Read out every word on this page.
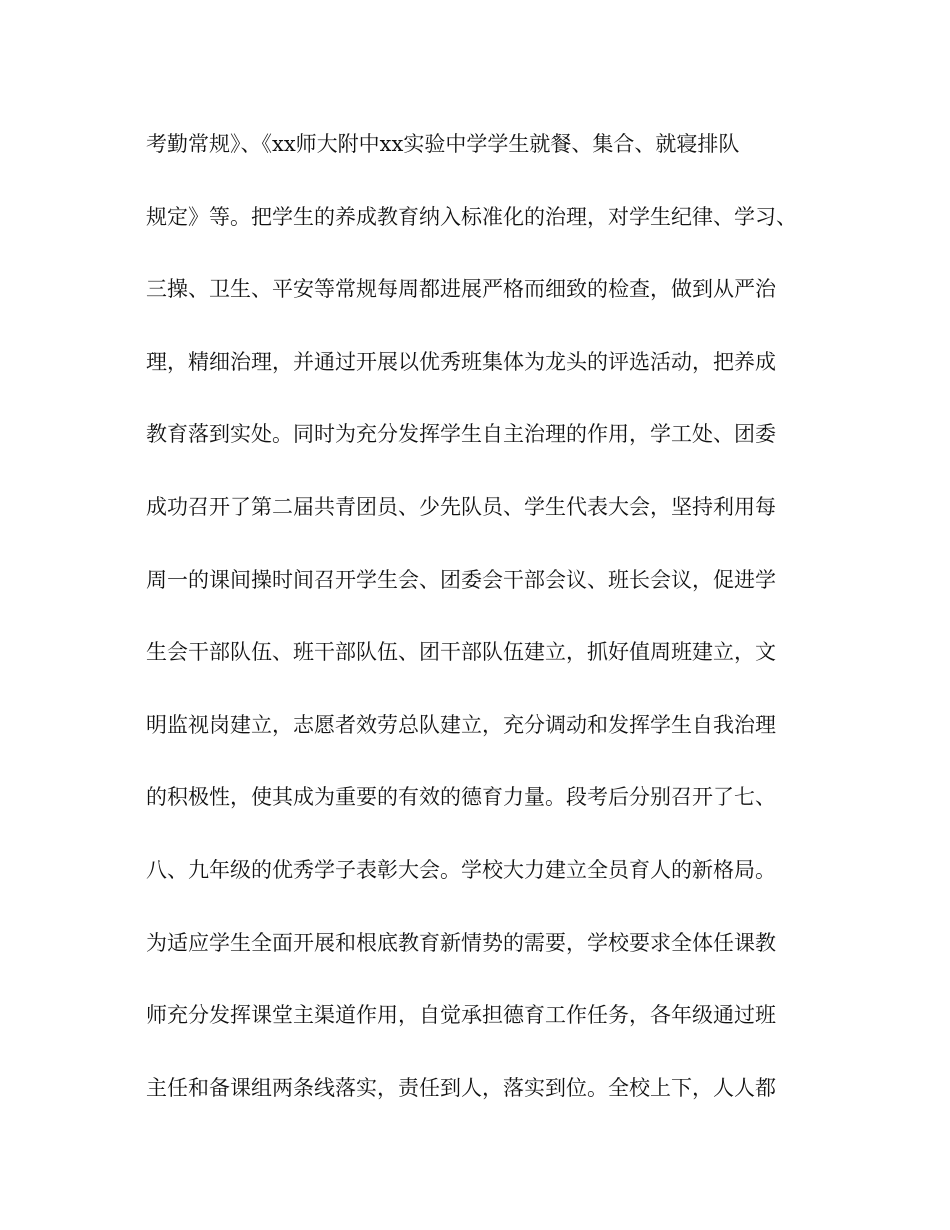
考勤常规》、《xx师大附中xx实验中学学生就餐、集合、就寝排队
规定》等。把学生的养成教育纳入标准化的治理，对学生纪律、学习、
三操、卫生、平安等常规每周都进展严格而细致的检查，做到从严治
理，精细治理，并通过开展以优秀班集体为龙头的评选活动，把养成
教育落到实处。同时为充分发挥学生自主治理的作用，学工处、团委
成功召开了第二届共青团员、少先队员、学生代表大会，坚持利用每
周一的课间操时间召开学生会、团委会干部会议、班长会议，促进学
生会干部队伍、班干部队伍、团干部队伍建立，抓好值周班建立，文
明监视岗建立，志愿者效劳总队建立，充分调动和发挥学生自我治理
的积极性，使其成为重要的有效的德育力量。段考后分别召开了七、
八、九年级的优秀学子表彰大会。学校大力建立全员育人的新格局。
为适应学生全面开展和根底教育新情势的需要，学校要求全体任课教
师充分发挥课堂主渠道作用，自觉承担德育工作任务，各年级通过班
主任和备课组两条线落实，责任到人，落实到位。全校上下，人人都
